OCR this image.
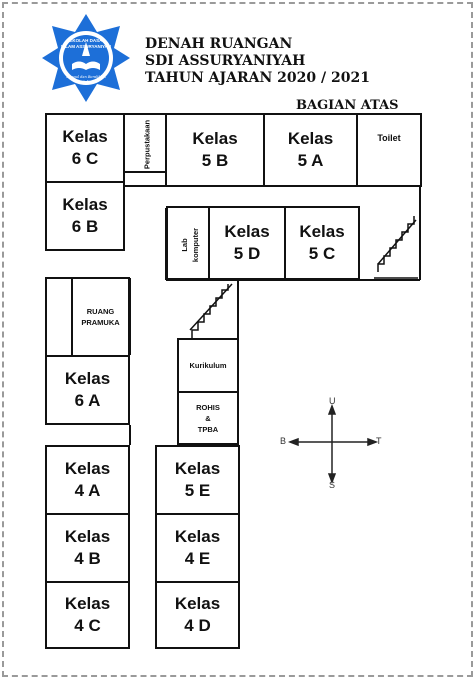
SEKOLAH DASAR ISLAM ASSURYANIYAH
Unggul dan Berakhlak Mulia
DENAH RUANGAN
SDI ASSURYANIYAH
TAHUN AJARAN 2020 / 2021
BAGIAN ATAS
Kelas
6 C
Kelas
6 B
Perpustakaan Kelas
5 B
Kelas
5 A
Toilet
Lab
komputer Kelas
5 D
Kelas
5 C
RUANG
PRAMUKA
Kelas
6 A
Kurikulum
ROHIS
&
TPBA
Kelas
4 A
Kelas
5 E
Kelas
4 B
Kelas
4 E
Kelas
4 C
Kelas
4 D
U
S
B	T
